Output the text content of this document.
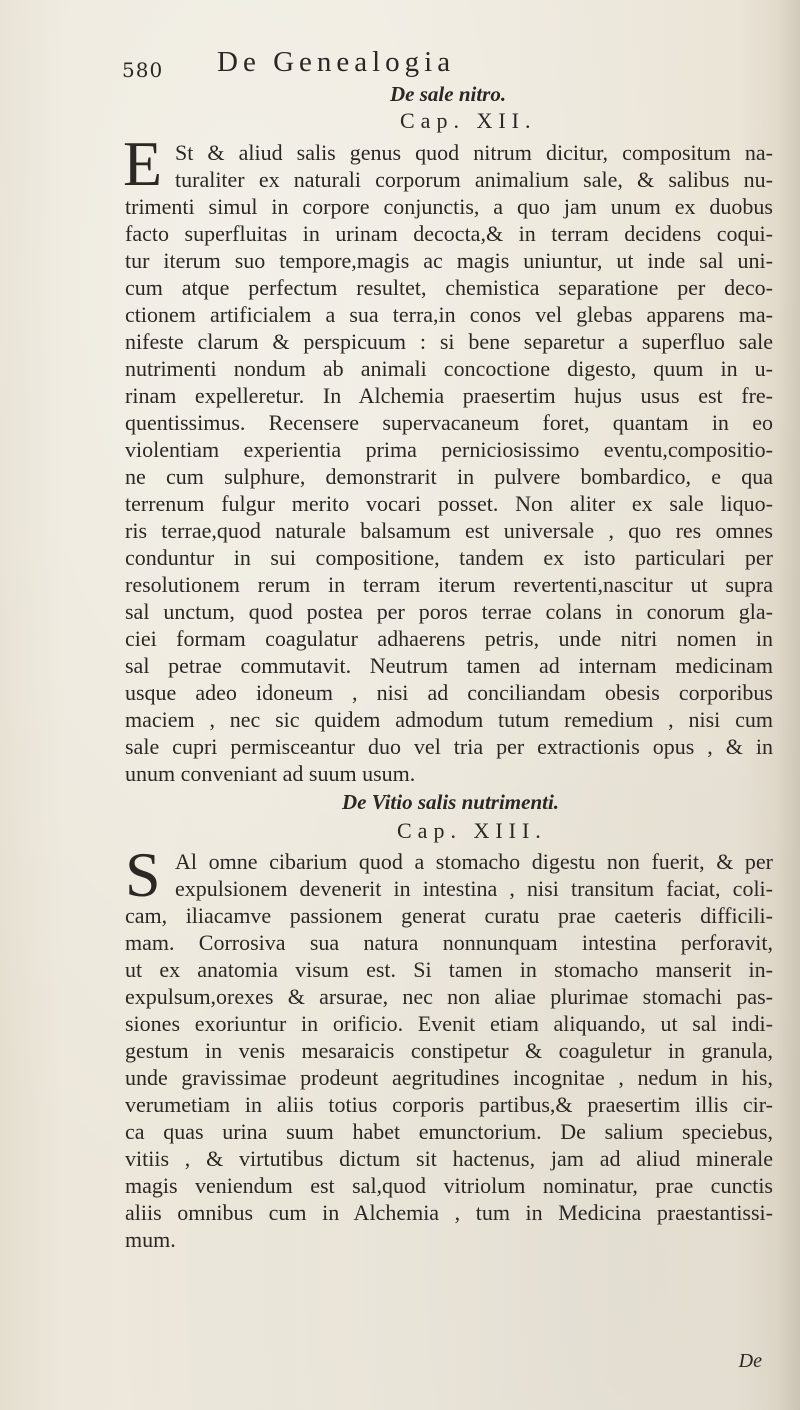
580 De Genealogia
De sale nitro.
Cap. XII.
E St & aliud salis genus quod nitrum dicitur, compositum na-
turaliter ex naturali corporum animalium sale, & salibus nu-
trimenti simul in corpore conjunctis, a quo jam unum ex duobus
facto superfluitas in urinam decocta,& in terram decidens coqui-
tur iterum suo tempore,magis ac magis uniuntur, ut inde sal uni-
cum atque perfectum resultet, chemistica separatione per deco-
ctionem artificialem a sua terra,in conos vel glebas apparens ma-
nifeste clarum & perspicuum : si bene separetur a superfluo sale
nutrimenti nondum ab animali concoctione digesto, quum in u-
rinam expelleretur. In Alchemia praesertim hujus usus est fre-
quentissimus. Recensere supervacaneum foret, quantam in eo
violentiam experientia prima perniciosissimo eventu,compositio-
ne cum sulphure, demonstrarit in pulvere bombardico, e qua
terrenum fulgur merito vocari posset. Non aliter ex sale liquo-
ris terrae,quod naturale balsamum est universale , quo res omnes
conduntur in sui compositione, tandem ex isto particulari per
resolutionem rerum in terram iterum revertenti,nascitur ut supra
sal unctum, quod postea per poros terrae colans in conorum gla-
ciei formam coagulatur adhaerens petris, unde nitri nomen in
sal petrae commutavit. Neutrum tamen ad internam medicinam
usque adeo idoneum , nisi ad conciliandam obesis corporibus
maciem , nec sic quidem admodum tutum remedium , nisi cum
sale cupri permisceantur duo vel tria per extractionis opus , & in
unum conveniant ad suum usum.
De Vitio salis nutrimenti.
Cap. XIII.
S Al omne cibarium quod a stomacho digestu non fuerit, & per
expulsionem devenerit in intestina , nisi transitum faciat, coli-
cam, iliacamve passionem generat curatu prae caeteris difficili-
mam. Corrosiva sua natura nonnunquam intestina perforavit,
ut ex anatomia visum est. Si tamen in stomacho manserit in-
expulsum,orexes & arsurae, nec non aliae plurimae stomachi pas-
siones exoriuntur in orificio. Evenit etiam aliquando, ut sal indi-
gestum in venis mesaraicis constipetur & coaguletur in granula,
unde gravissimae prodeunt aegritudines incognitae , nedum in his,
verumetiam in aliis totius corporis partibus,& praesertim illis cir-
ca quas urina suum habet emunctorium. De salium speciebus,
vitiis , & virtutibus dictum sit hactenus, jam ad aliud minerale
magis veniendum est sal,quod vitriolum nominatur, prae cunctis
aliis omnibus cum in Alchemia , tum in Medicina praestantissi-
mum.
De
